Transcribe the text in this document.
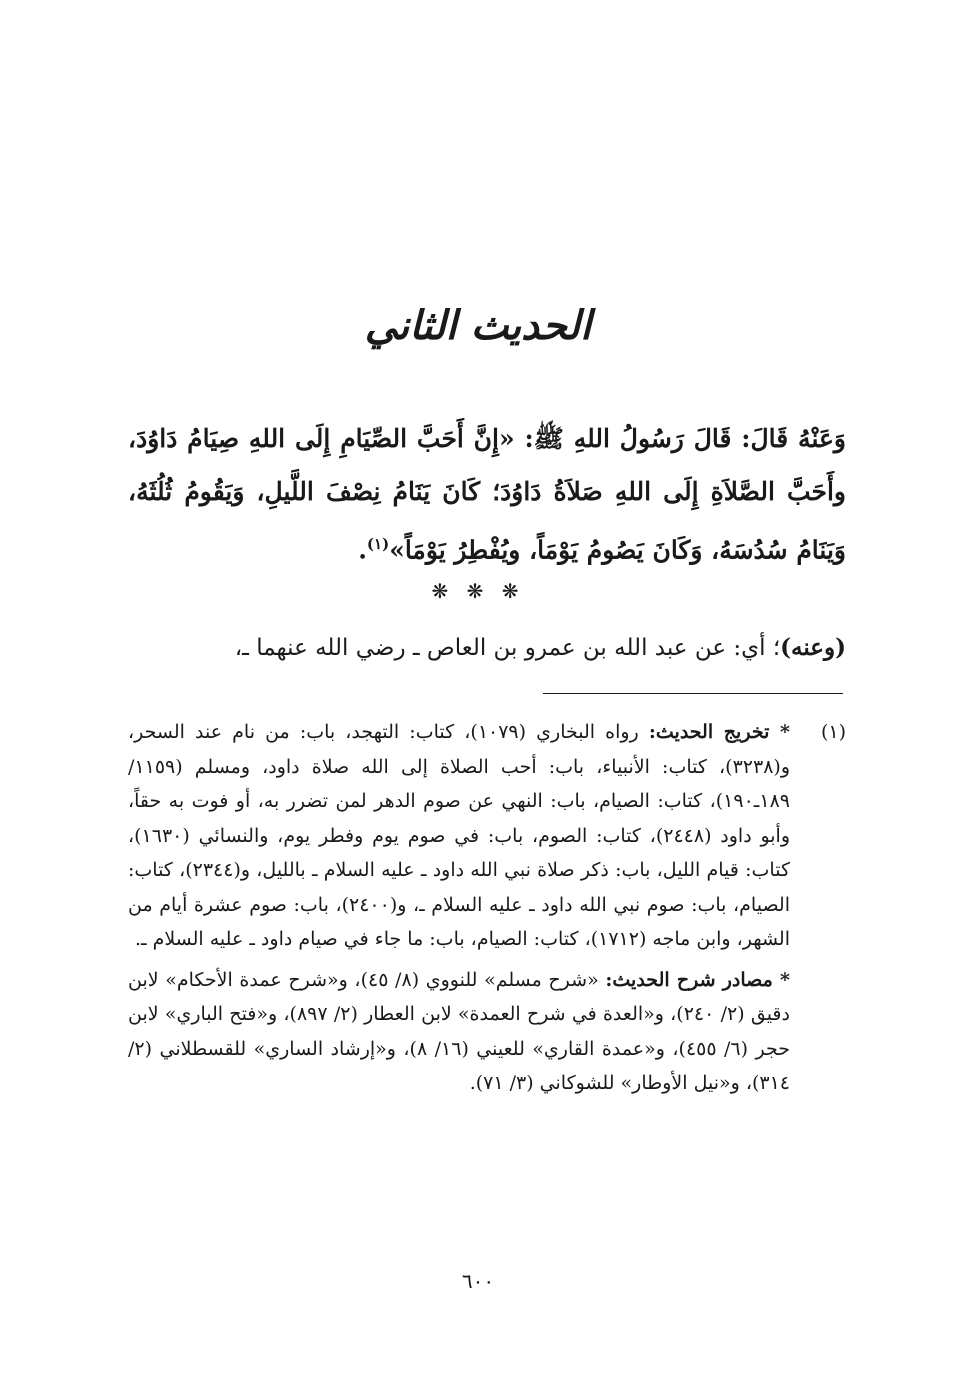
الحديث الثاني
وَعَنْهُ قَالَ: قَالَ رَسُولُ اللهِ ﷺ: «إِنَّ أَحَبَّ الصِّيَامِ إِلَى اللهِ صِيَامُ دَاوُدَ، وأَحَبَّ الصَّلاَةِ إِلَى اللهِ صَلاَةُ دَاوُدَ؛ كَانَ يَنَامُ نِصْفَ اللَّيلِ، وَيَقُومُ ثُلُثَهُ، وَيَنَامُ سُدُسَهُ، وَكَانَ يَصُومُ يَوْمَاً، ويُفْطِرُ يَوْمَاً»$^{(١)}$.
❋ ❋ ❋
(وعنه)؛ أي: عن عبد الله بن عمرو بن العاص ـ رضي الله عنهما ـ،
(١)
* تخريج الحديث: رواه البخاري (١٠٧٩)، كتاب: التهجد، باب: من نام عند السحر، و(٣٢٣٨)، كتاب: الأنبياء، باب: أحب الصلاة إلى الله صلاة داود، ومسلم (١١٥٩/ ١٨٩ـ١٩٠)، كتاب: الصيام، باب: النهي عن صوم الدهر لمن تضرر به، أو فوت به حقاً، وأبو داود (٢٤٤٨)، كتاب: الصوم، باب: في صوم يوم وفطر يوم، والنسائي (١٦٣٠)، كتاب: قيام الليل، باب: ذكر صلاة نبي الله داود ـ عليه السلام ـ بالليل، و(٢٣٤٤)، كتاب: الصيام، باب: صوم نبي الله داود ـ عليه السلام ـ، و(٢٤٠٠)، باب: صوم عشرة أيام من الشهر، وابن ماجه (١٧١٢)، كتاب: الصيام، باب: ما جاء في صيام داود ـ عليه السلام ـ.
* مصادر شرح الحديث: «شرح مسلم» للنووي (٨/ ٤٥)، و«شرح عمدة الأحكام» لابن دقيق (٢/ ٢٤٠)، و«العدة في شرح العمدة» لابن العطار (٢/ ٨٩٧)، و«فتح الباري» لابن حجر (٦/ ٤٥٥)، و«عمدة القاري» للعيني (١٦/ ٨)، و«إرشاد الساري» للقسطلاني (٢/ ٣١٤)، و«نيل الأوطار» للشوكاني (٣/ ٧١).
٦٠٠
